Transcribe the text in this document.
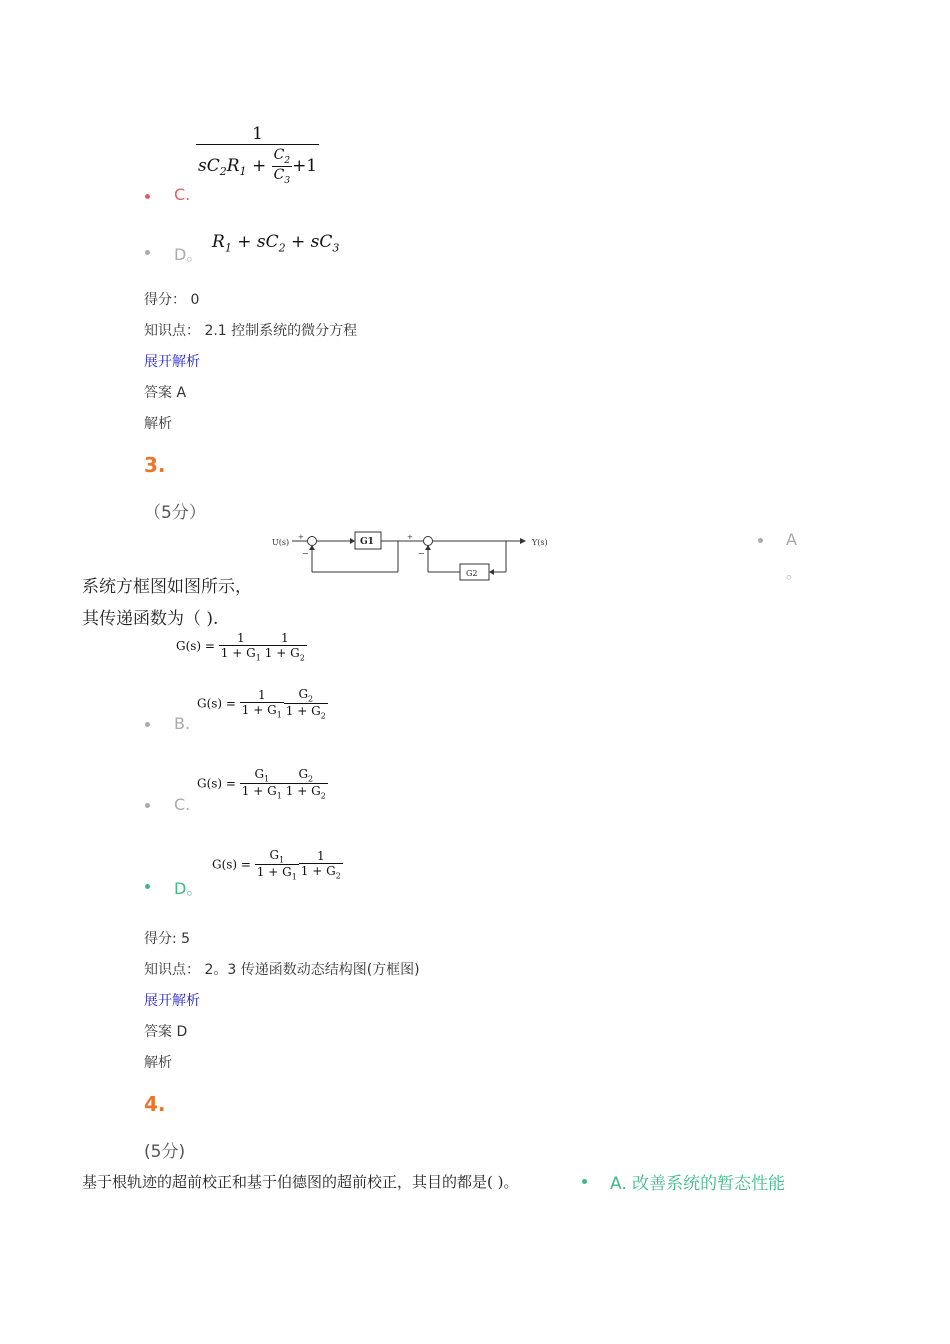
$\frac{1}{sC_2R_1 + \frac{C_2}{C_3} +1}$
C.
D。
$R_1 + sC_2 + sC_3$
得分： 0
知识点： 2.1 控制系统的微分方程
展开解析
答案 A
解析
3.
（5分）
U(s)
+	G1	+
Y(s)
−
G2
−
系统方框图如图所示，
其传递函数为（ ).
A
。
$G(s) = \frac{1}{1 + G_1} \frac{1}{1 + G_2}$
$G(s) = \frac{1}{1 + G_1} \frac{G_2}{1 + G_2}$
B.
$G(s) = \frac{G_1}{1 + G_1} \frac{G_2}{1 + G_2}$
C.
$G(s) = \frac{G_1}{1 + G_1} \frac{1}{1 + G_2}$
D。
得分: 5
知识点： 2。3 传递函数动态结构图(方框图)
展开解析
答案 D
解析
4.
(5分)
基于根轨迹的超前校正和基于伯德图的超前校正，其目的都是( )。	A. 改善系统的暂态性能
